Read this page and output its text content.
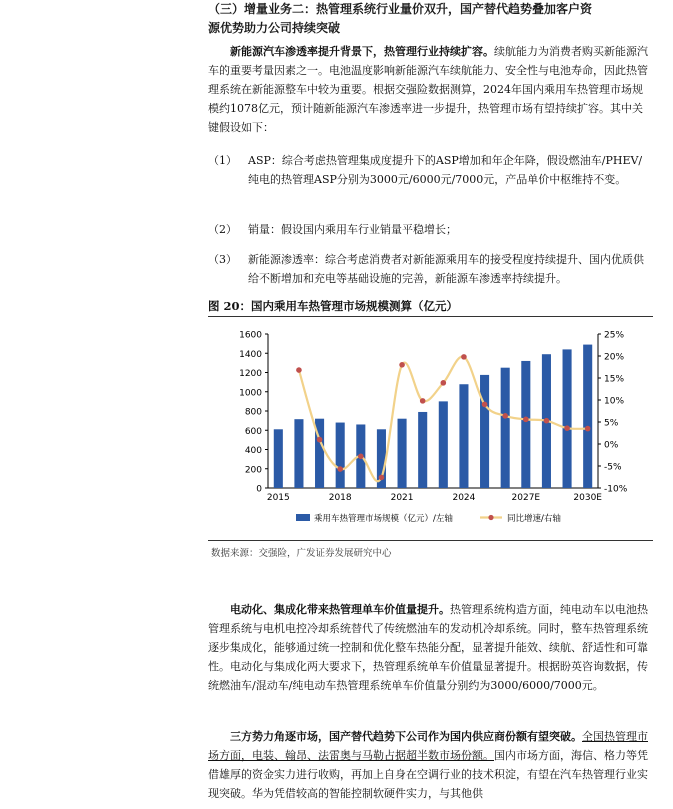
（三）增量业务二：热管理系统行业量价双升，国产替代趋势叠加客户资
源优势助力公司持续突破
新能源汽车渗透率提升背景下，热管理行业持续扩容。续航能力为消费者购买新能源汽车的重要考量因素之一。电池温度影响新能源汽车续航能力、安全性与电池寿命，因此热管理系统在新能源整车中较为重要。根据交强险数据测算，2024年国内乘用车热管理市场规模约1078亿元，预计随新能源汽车渗透率进一步提升，热管理市场有望持续扩容。其中关键假设如下：
（1）	ASP：综合考虑热管理集成度提升下的ASP增加和年企年降，假设燃油车/PHEV/纯电的热管理ASP分别为3000元/6000元/7000元，产品单价中枢维持不变。
（2）	销量：假设国内乘用车行业销量平稳增长；
（3）	新能源渗透率：综合考虑消费者对新能源乘用车的接受程度持续提升、国内优质供给不断增加和充电等基础设施的完善，新能源车渗透率持续提升。
图 20：国内乘用车热管理市场规模测算（亿元）
0
200
400
600
800
1000
1200
1400
1600
-10%
-5%
0%
5%
10%
15%
20%
25%
2015	2018	2021	2024	2027E	2030E
乘用车热管理市场规模（亿元）/左轴	同比增速/右轴
数据来源：交强险，广发证券发展研究中心
电动化、集成化带来热管理单车价值量提升。热管理系统构造方面，纯电动车以电池热管理系统与电机电控冷却系统替代了传统燃油车的发动机冷却系统。同时，整车热管理系统逐步集成化，能够通过统一控制和优化整车热能分配，显著提升能效、续航、舒适性和可靠性。电动化与集成化两大要求下，热管理系统单车价值量显著提升。根据盼英咨询数据，传统燃油车/混动车/纯电动车热管理系统单车价值量分别约为3000/6000/7000元。
三方势力角逐市场，国产替代趋势下公司作为国内供应商份额有望突破。全国热管理市场方面，电装、翰昂、法雷奥与马勒占据超半数市场份额。国内市场方面，海信、格力等凭借雄厚的资金实力进行收购，再加上自身在空调行业的技术积淀，有望在汽车热管理行业实现突破。华为凭借较高的智能控制软硬件实力，与其他供
